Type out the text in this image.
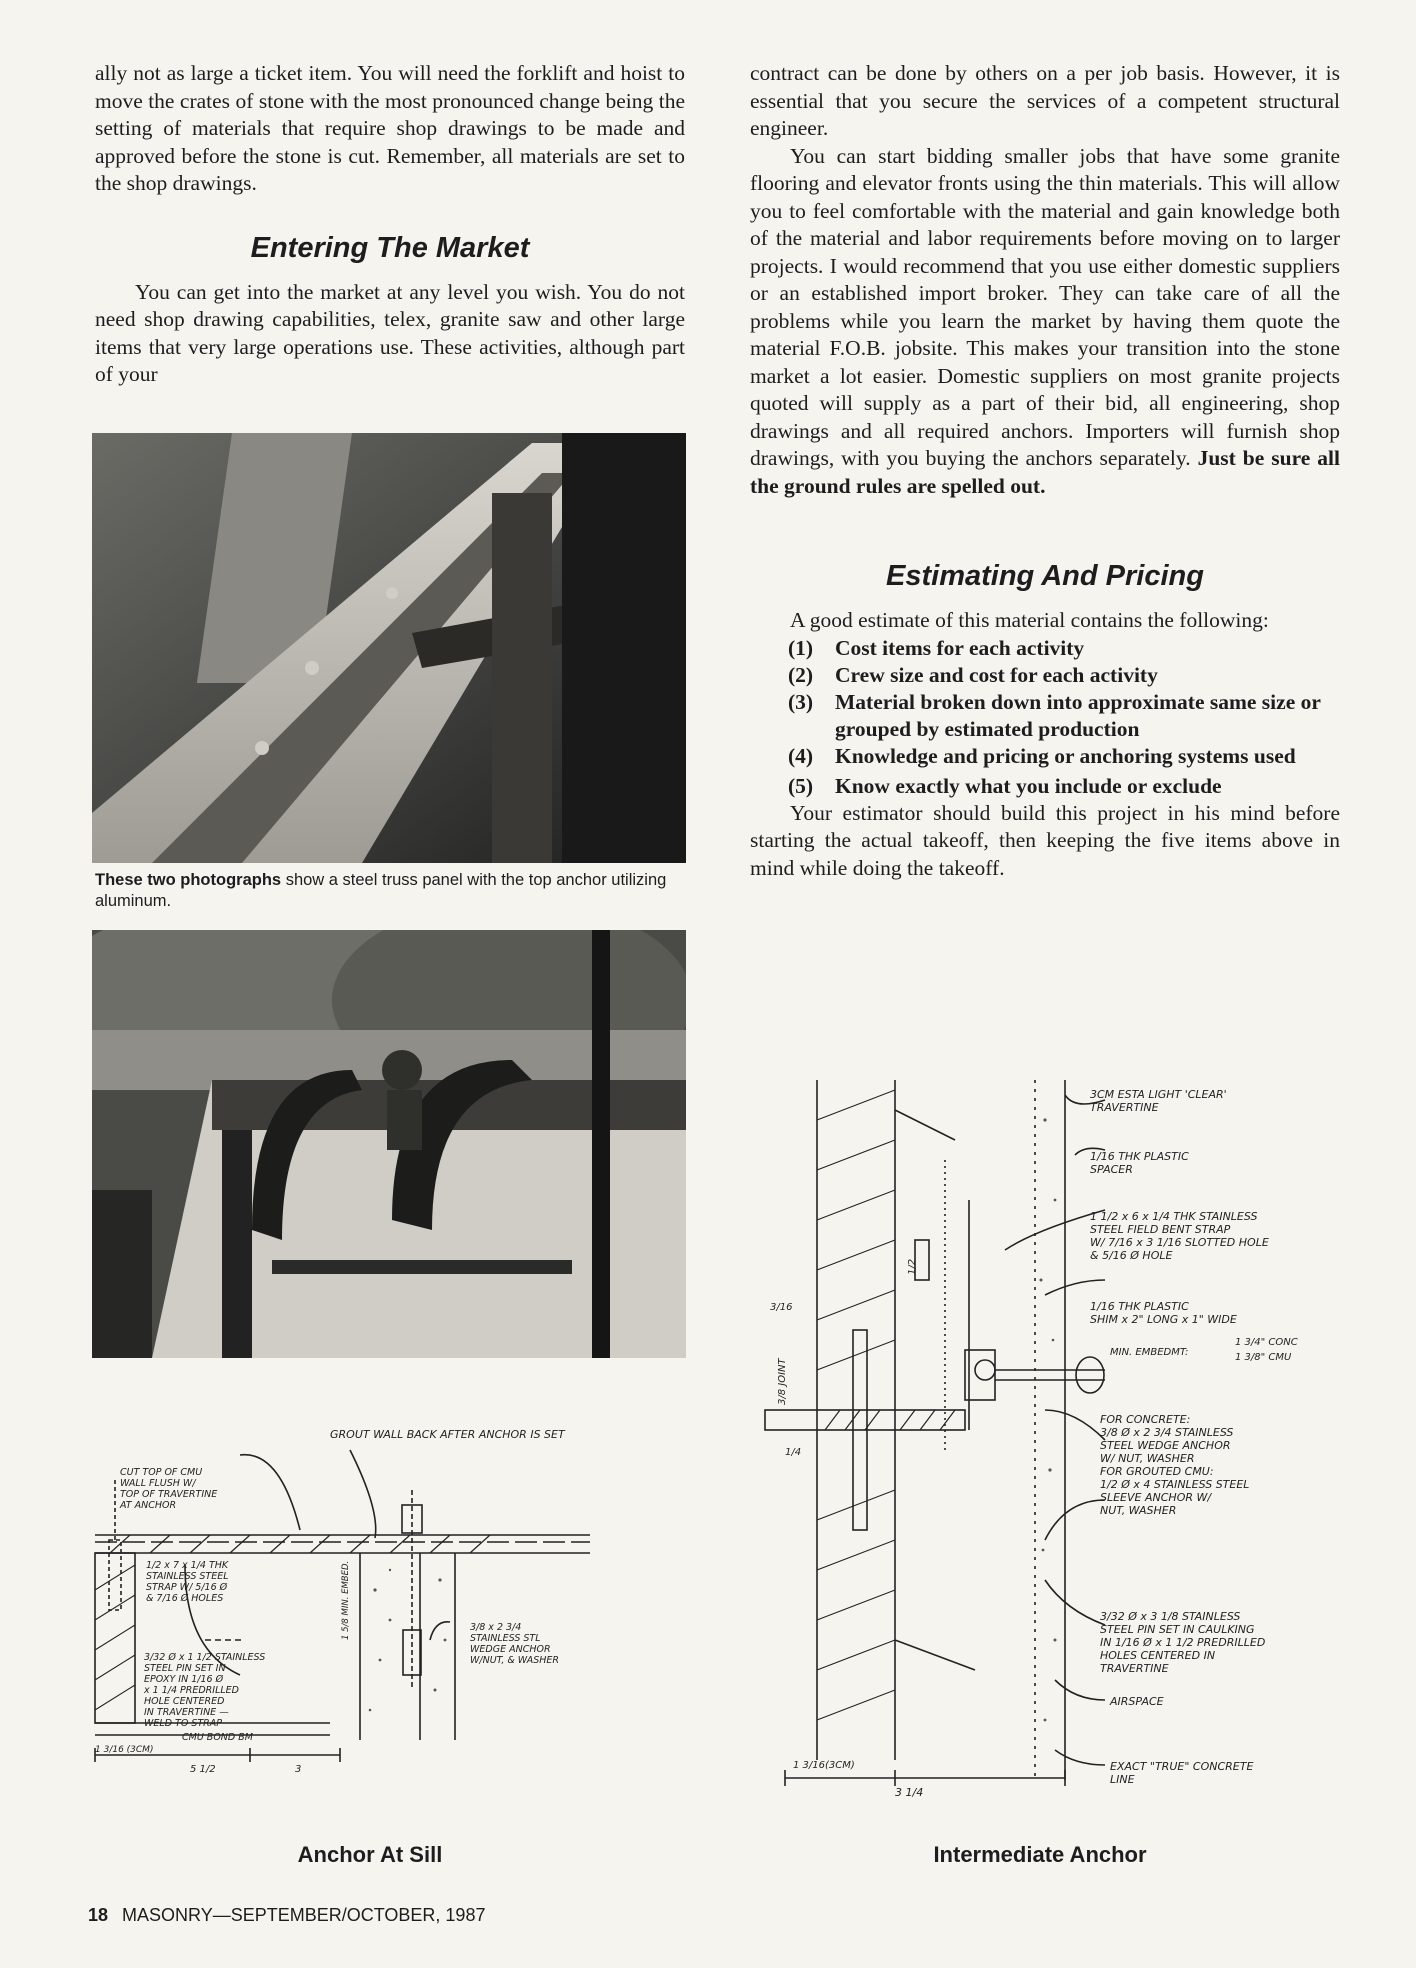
ally not as large a ticket item. You will need the forklift and hoist to move the crates of stone with the most pronounced change being the setting of materials that require shop drawings to be made and approved before the stone is cut. Remember, all materials are set to the shop drawings.

Entering The Market

You can get into the market at any level you wish. You do not need shop drawing capabilities, telex, granite saw and other large items that very large operations use. These activities, although part of your

These two photographs show a steel truss panel with the top anchor utilizing aluminum.

contract can be done by others on a per job basis. However, it is essential that you secure the services of a competent structural engineer.

You can start bidding smaller jobs that have some granite flooring and elevator fronts using the thin materials. This will allow you to feel comfortable with the material and gain knowledge both of the material and labor requirements before moving on to larger projects. I would recommend that you use either domestic suppliers or an established import broker. They can take care of all the problems while you learn the market by having them quote the material F.O.B. jobsite. This makes your transition into the stone market a lot easier. Domestic suppliers on most granite projects quoted will supply as a part of their bid, all engineering, shop drawings and all required anchors. Importers will furnish shop drawings, with you buying the anchors separately. Just be sure all the ground rules are spelled out.

Estimating And Pricing

A good estimate of this material contains the following:

(1) Cost items for each activity
(2) Crew size and cost for each activity
(3) Material broken down into approximate same size or grouped by estimated production
(4) Knowledge and pricing or anchoring systems used
(5) Know exactly what you include or exclude

Your estimator should build this project in his mind before starting the actual takeoff, then keeping the five items above in mind while doing the takeoff.

GROUT WALL BACK AFTER ANCHOR IS SET
CUT TOP OF CMU
WALL FLUSH W/
TOP OF TRAVERTINE
AT ANCHOR
1/2 x 7 x 1/4 THK
STAINLESS STEEL
STRAP W/ 5/16 Ø
& 7/16 Ø HOLES
3/32 Ø x 1 1/2 STAINLESS
STEEL PIN SET IN
EPOXY IN 1/16 Ø
x 1 1/4 PREDRILLED
HOLE CENTERED
IN TRAVERTINE —
WELD TO STRAP
CMU BOND BM
3/8 x 2 3/4
STAINLESS STL
WEDGE ANCHOR
W/NUT, & WASHER
1 5/8 MIN. EMBED.
1 3/16 (3CM)
5 1/2	3
Anchor At Sill
3CM ESTA LIGHT 'CLEAR'
TRAVERTINE
1/16 THK PLASTIC
SPACER
1 1/2 x 6 x 1/4 THK STAINLESS
STEEL FIELD BENT STRAP
W/ 7/16 x 3 1/16 SLOTTED HOLE
& 5/16 Ø HOLE
1/16 THK PLASTIC
SHIM x 2" LONG x 1" WIDE
MIN. EMBEDMT:
1 3/4" CONC
1 3/8" CMU
FOR CONCRETE:
3/8 Ø x 2 3/4 STAINLESS
STEEL WEDGE ANCHOR
W/ NUT, WASHER
FOR GROUTED CMU:
1/2 Ø x 4 STAINLESS STEEL
SLEEVE ANCHOR W/
NUT, WASHER
3/32 Ø x 3 1/8 STAINLESS
STEEL PIN SET IN CAULKING
IN 1/16 Ø x 1 1/2 PREDRILLED
HOLES CENTERED IN
TRAVERTINE
AIRSPACE
EXACT "TRUE" CONCRETE
LINE
3/8 JOINT
3/16
1/4
1/2
1 3/16(3CM)
3 1/4
Intermediate Anchor
18 MASONRY—SEPTEMBER/OCTOBER, 1987
